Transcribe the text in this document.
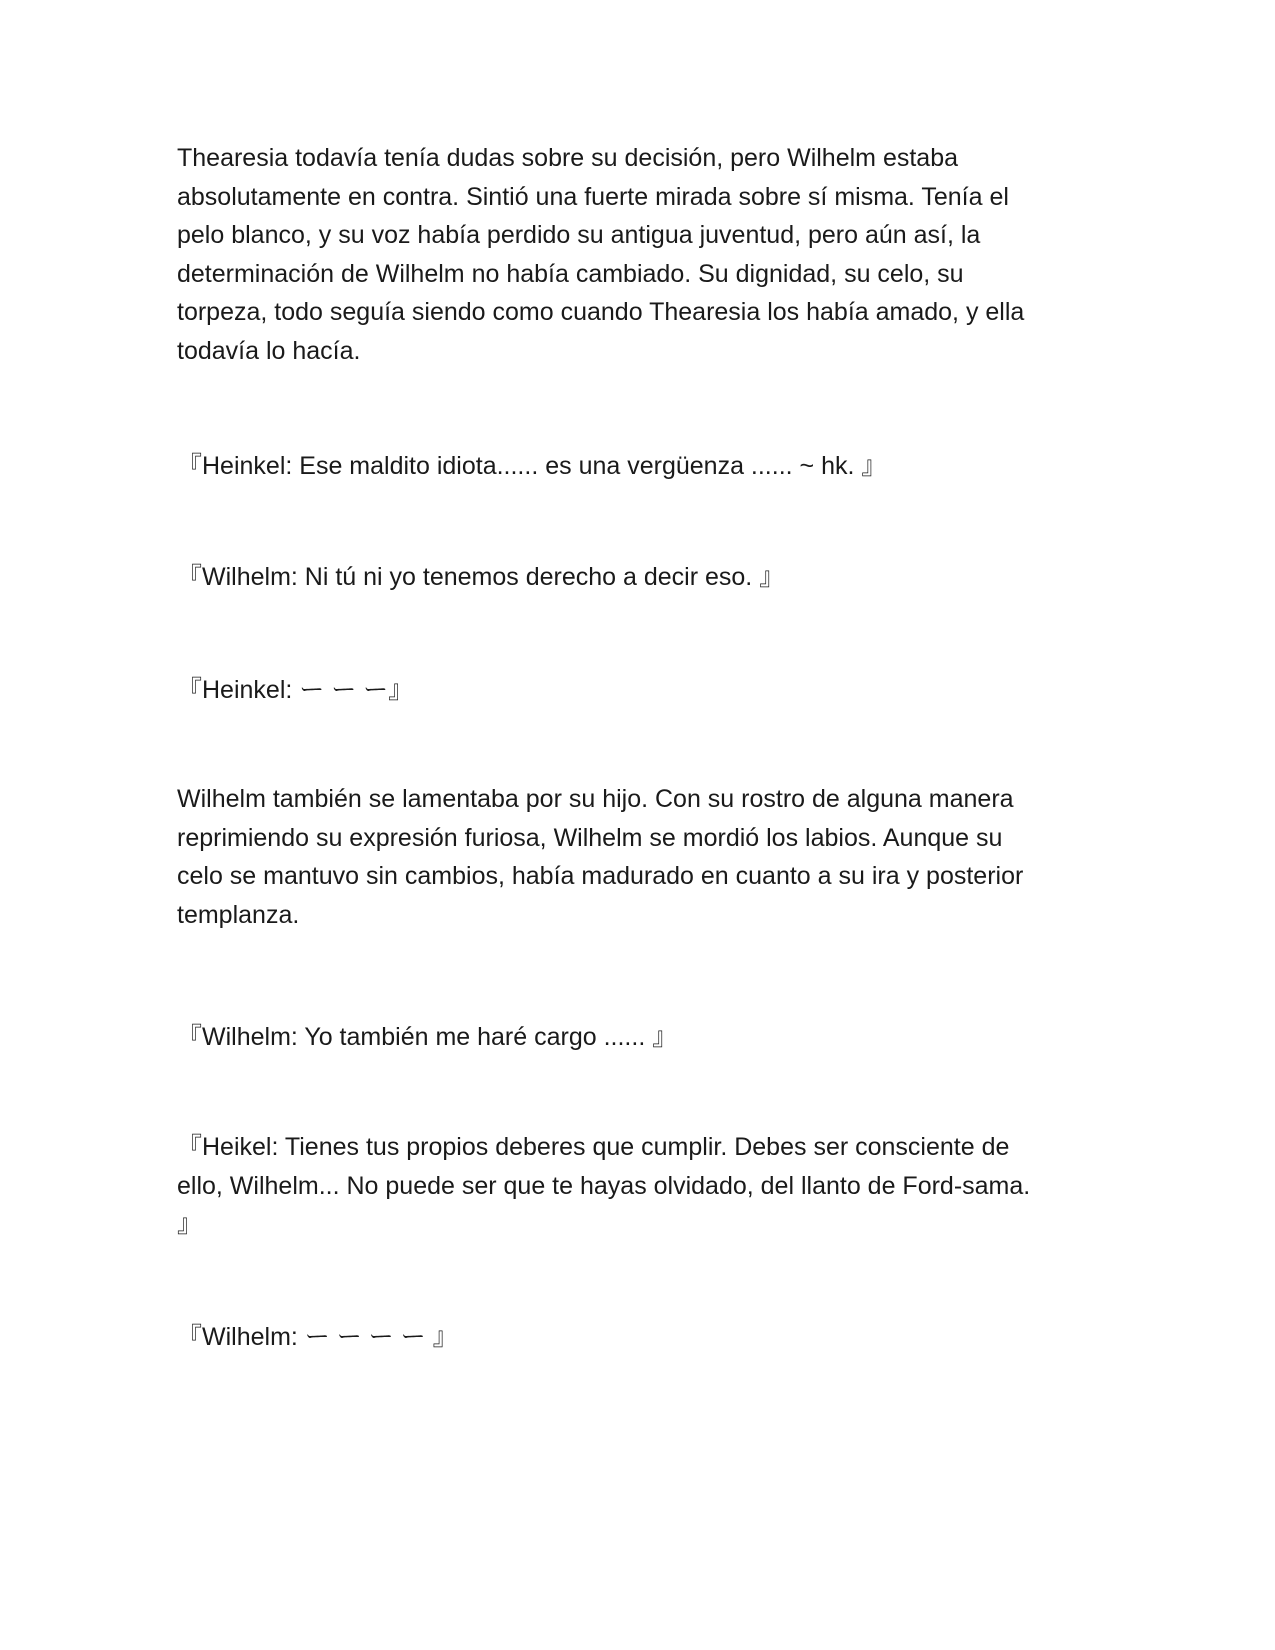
Thearesia todavía tenía dudas sobre su decisión, pero Wilhelm estaba
absolutamente en contra. Sintió una fuerte mirada sobre sí misma. Tenía el
pelo blanco, y su voz había perdido su antigua juventud, pero aún así, la
determinación de Wilhelm no había cambiado. Su dignidad, su celo, su
torpeza, todo seguía siendo como cuando Thearesia los había amado, y ella
todavía lo hacía.

『Heinkel: Ese maldito idiota...... es una vergüenza ...... ~ hk. 』

『Wilhelm: Ni tú ni yo tenemos derecho a decir eso. 』

『Heinkel: ー ー ー』

Wilhelm también se lamentaba por su hijo. Con su rostro de alguna manera
reprimiendo su expresión furiosa, Wilhelm se mordió los labios. Aunque su
celo se mantuvo sin cambios, había madurado en cuanto a su ira y posterior
templanza.

『Wilhelm: Yo también me haré cargo ...... 』

『Heikel: Tienes tus propios deberes que cumplir. Debes ser consciente de
ello, Wilhelm... No puede ser que te hayas olvidado, del llanto de Ford-sama.
』

『Wilhelm: ー ー ー ー 』
